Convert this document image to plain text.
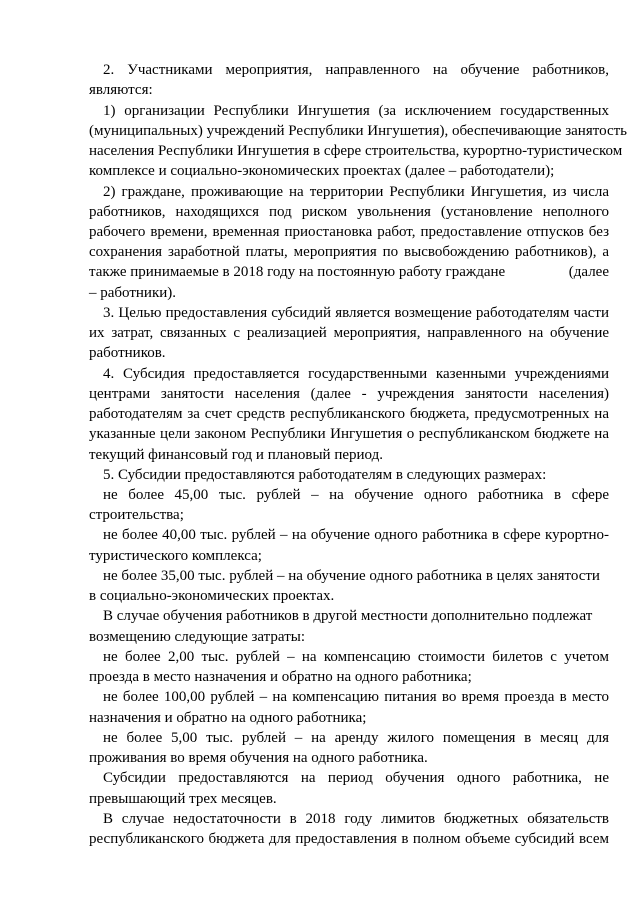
2. Участниками мероприятия, направленного на обучение работников,
являются:
1) организации Республики Ингушетия (за исключением государственных
(муниципальных) учреждений Республики Ингушетия), обеспечивающие занятость
населения Республики Ингушетия в сфере строительства, курортно-туристическом
комплексе и социально-экономических проектах (далее – работодатели);
2) граждане, проживающие на территории Республики Ингушетия, из числа
работников, находящихся под риском увольнения (установление неполного
рабочего времени, временная приостановка работ, предоставление отпусков без
сохранения заработной платы, мероприятия по высвобождению работников), а
также принимаемые в 2018 году на постоянную работу граждане	(далее
– работники).
3. Целью предоставления субсидий является возмещение работодателям части
их затрат, связанных с реализацией мероприятия, направленного на обучение
работников.
4. Субсидия предоставляется государственными казенными учреждениями
центрами занятости населения (далее - учреждения занятости населения)
работодателям за счет средств республиканского бюджета, предусмотренных на
указанные цели законом Республики Ингушетия о республиканском бюджете на
текущий финансовый год и плановый период.
5. Субсидии предоставляются работодателям в следующих размерах:
не более 45,00 тыс. рублей – на обучение одного работника в сфере
строительства;
не более 40,00 тыс. рублей – на обучение одного работника в сфере курортно-
туристического комплекса;
не более 35,00 тыс. рублей – на обучение одного работника в целях занятости
в социально-экономических проектах.
В случае обучения работников в другой местности дополнительно подлежат
возмещению следующие затраты:
не более 2,00 тыс. рублей – на компенсацию стоимости билетов с учетом
проезда в место назначения и обратно на одного работника;
не более 100,00 рублей – на компенсацию питания во время проезда в место
назначения и обратно на одного работника;
не более 5,00 тыс. рублей – на аренду жилого помещения в месяц для
проживания во время обучения на одного работника.
Субсидии предоставляются на период обучения одного работника, не
превышающий трех месяцев.
В случае недостаточности в 2018 году лимитов бюджетных обязательств
республиканского бюджета для предоставления в полном объеме субсидий всем
